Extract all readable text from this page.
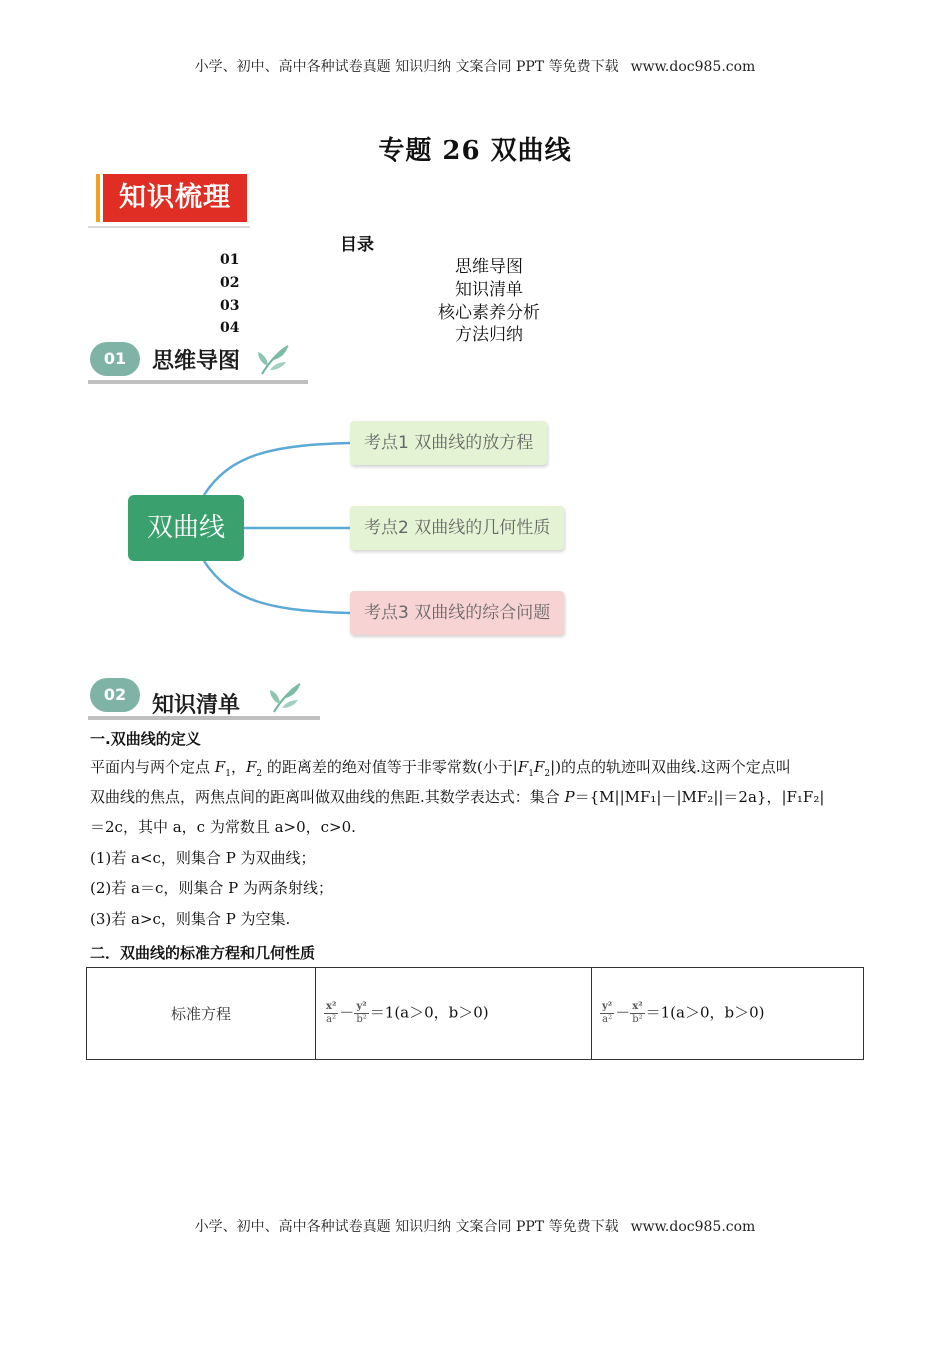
小学、初中、高中各种试卷真题 知识归纳 文案合同 PPT 等免费下载 www.doc985.com
专题 26 双曲线
知识梳理
目录
01	思维导图
02	知识清单
03	核心素养分析
04	方法归纳
01	思维导图
双曲线
考点1 双曲线的放方程
考点2 双曲线的几何性质
考点3 双曲线的综合问题
02	知识清单
一.双曲线的定义
平面内与两个定点 $F_1$，$F_2$ 的距离差的绝对值等于非零常数(小于$|F_1F_2|$)的点的轨迹叫双曲线.这两个定点叫
双曲线的焦点，两焦点间的距离叫做双曲线的焦距.其数学表达式：集合 P＝{M||MF₁|－|MF₂||＝2a}，|F₁F₂|
＝2c，其中 a，c 为常数且 a>0，c>0.
(1)若 a<c，则集合 P 为双曲线；
(2)若 a＝c，则集合 P 为两条射线；
(3)若 a>c，则集合 P 为空集.
二．双曲线的标准方程和几何性质
标准方程	$\frac{\text{x²}}{\text{a²}} - \frac{\text{y²}}{\text{b²}} =1(a>0$，b＞0)	$\frac{\text{y²}}{\text{a²}} - \frac{\text{x²}}{\text{b²}} =1(a>0$，b＞0)
小学、初中、高中各种试卷真题 知识归纳 文案合同 PPT 等免费下载 www.doc985.com
